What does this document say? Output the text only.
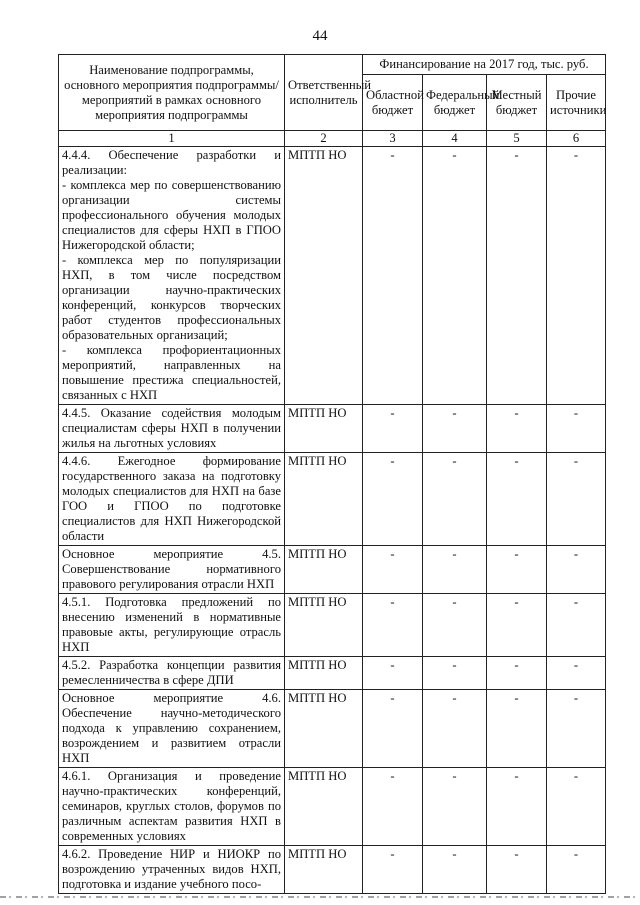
44
Наименование подпрограммы, основного мероприятия подпрограммы/мероприятий в рамках основного мероприятия подпрограммы	Ответственный исполнитель	Финансирование на 2017 год, тыс. руб.			
		Областной бюджет	Федеральный бюджет	Местный бюджет	Прочие источники
1	2	3	4	5	6

4.4.4. Обеспечение разработки и реализации:
- комплекса мер по совершенствованию организации системы профессионального обучения молодых специалистов для сферы НХП в ГПОО Нижегородской области;
- комплекса мер по популяризации НХП, в том числе посредством организации научно-практических конференций, конкурсов творческих работ студентов профессиональных образовательных организаций;
- комплекса профориентационных мероприятий, направленных на повышение престижа специальностей, связанных с НХП	МПТП НО	-	-	-	-

4.4.5. Оказание содействия молодым специалистам сферы НХП в получении жилья на льготных условиях	МПТП НО	-	-	-	-

4.4.6. Ежегодное формирование государственного заказа на подготовку молодых специалистов для НХП на базе ГОО и ГПОО по подготовке специалистов для НХП Нижегородской области	МПТП НО	-	-	-	-

Основное мероприятие 4.5. Совершенствование нормативного правового регулирования отрасли НХП	МПТП НО	-	-	-	-

4.5.1. Подготовка предложений по внесению изменений в нормативные правовые акты, регулирующие отрасль НХП	МПТП НО	-	-	-	-

4.5.2. Разработка концепции развития ремесленничества в сфере ДПИ	МПТП НО	-	-	-	-

Основное мероприятие 4.6. Обеспечение научно-методического подхода к управлению сохранением, возрождением и развитием отрасли НХП	МПТП НО	-	-	-	-

4.6.1. Организация и проведение научно-практических конференций, семинаров, круглых столов, форумов по различным аспектам развития НХП в современных условиях	МПТП НО	-	-	-	-

4.6.2. Проведение НИР и НИОКР по возрождению утраченных видов НХП, подготовка и издание учебного посо-	МПТП НО	-	-	-	-
